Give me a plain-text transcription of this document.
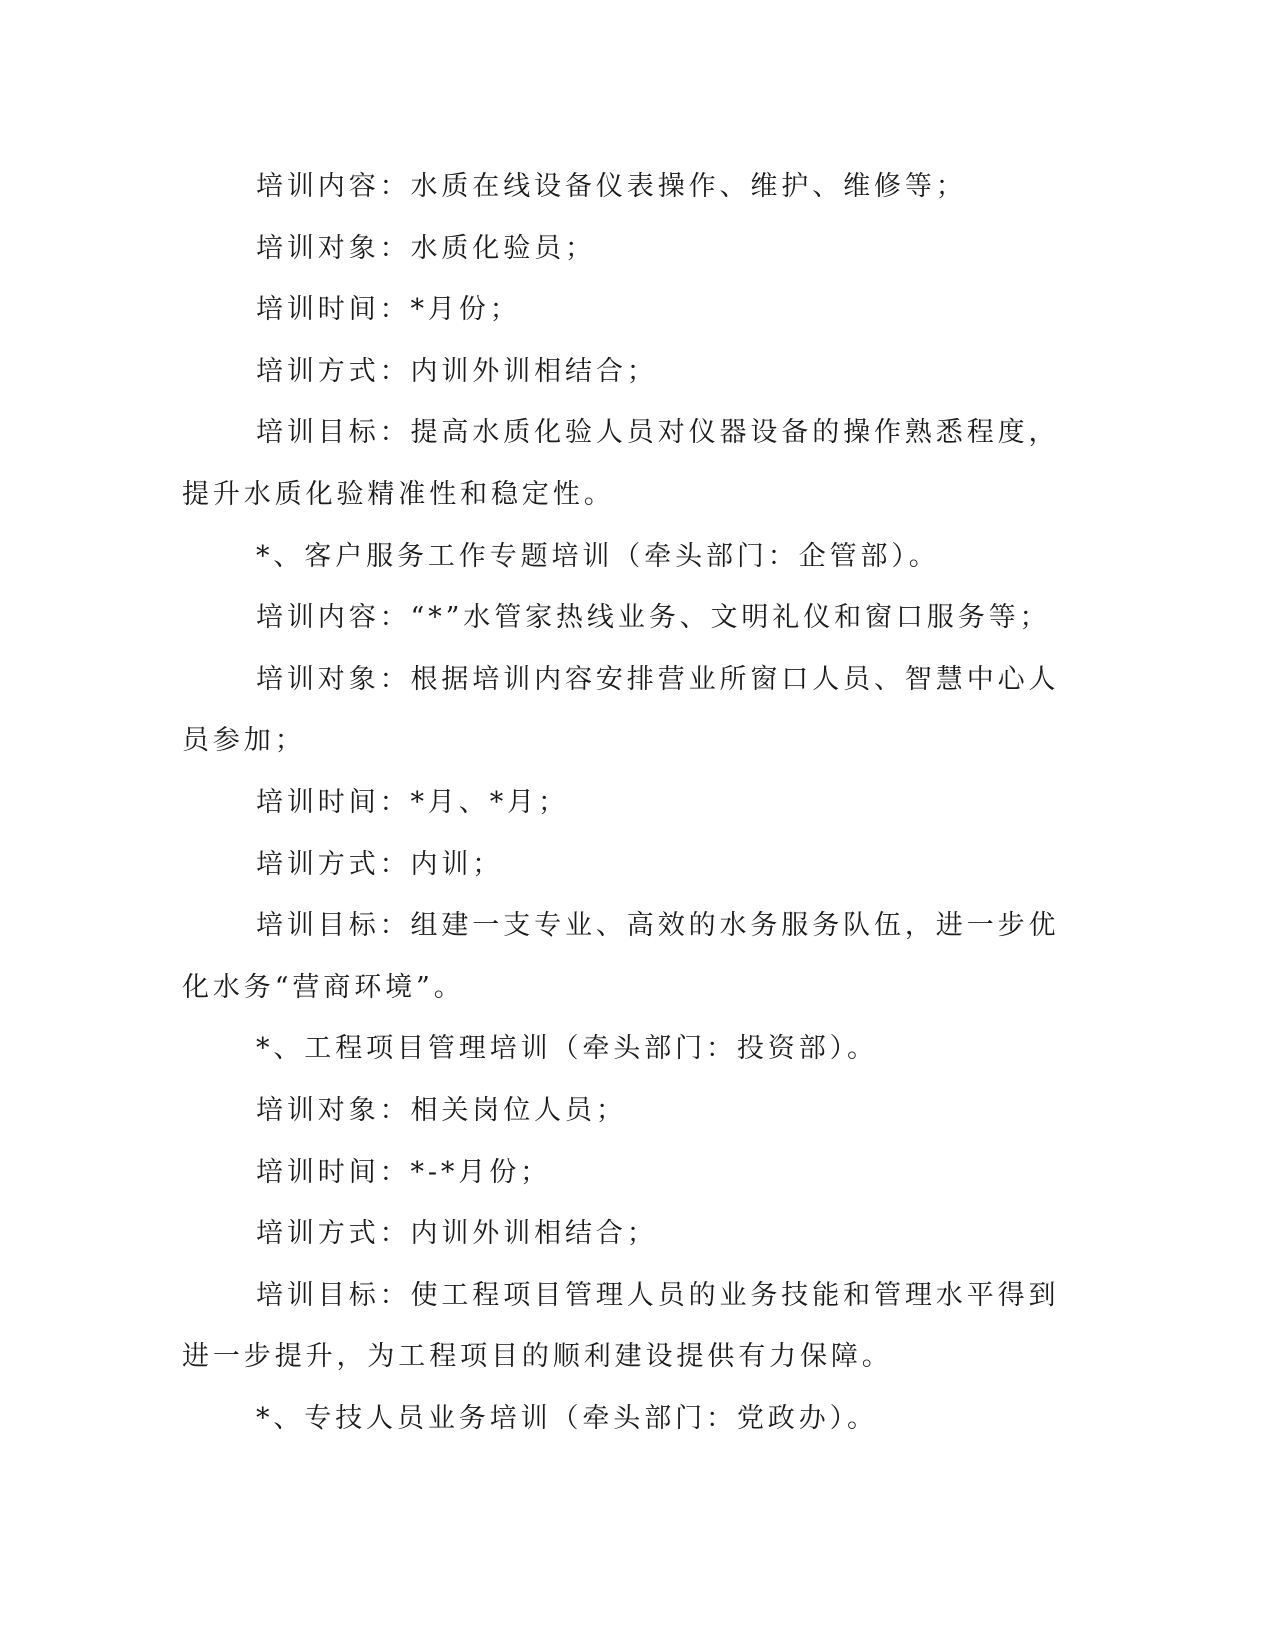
培训内容：水质在线设备仪表操作、维护、维修等；

培训对象：水质化验员；

培训时间：*月份；

培训方式：内训外训相结合；

培训目标：提高水质化验人员对仪器设备的操作熟悉程度，提升水质化验精准性和稳定性。

*、客户服务工作专题培训（牵头部门：企管部）。

培训内容：“*”水管家热线业务、文明礼仪和窗口服务等；

培训对象：根据培训内容安排营业所窗口人员、智慧中心人员参加；

培训时间：*月、*月；

培训方式：内训；

培训目标：组建一支专业、高效的水务服务队伍，进一步优化水务“营商环境”。

*、工程项目管理培训（牵头部门：投资部）。

培训对象：相关岗位人员；

培训时间：*-*月份；

培训方式：内训外训相结合；

培训目标：使工程项目管理人员的业务技能和管理水平得到进一步提升，为工程项目的顺利建设提供有力保障。

*、专技人员业务培训（牵头部门：党政办）。
